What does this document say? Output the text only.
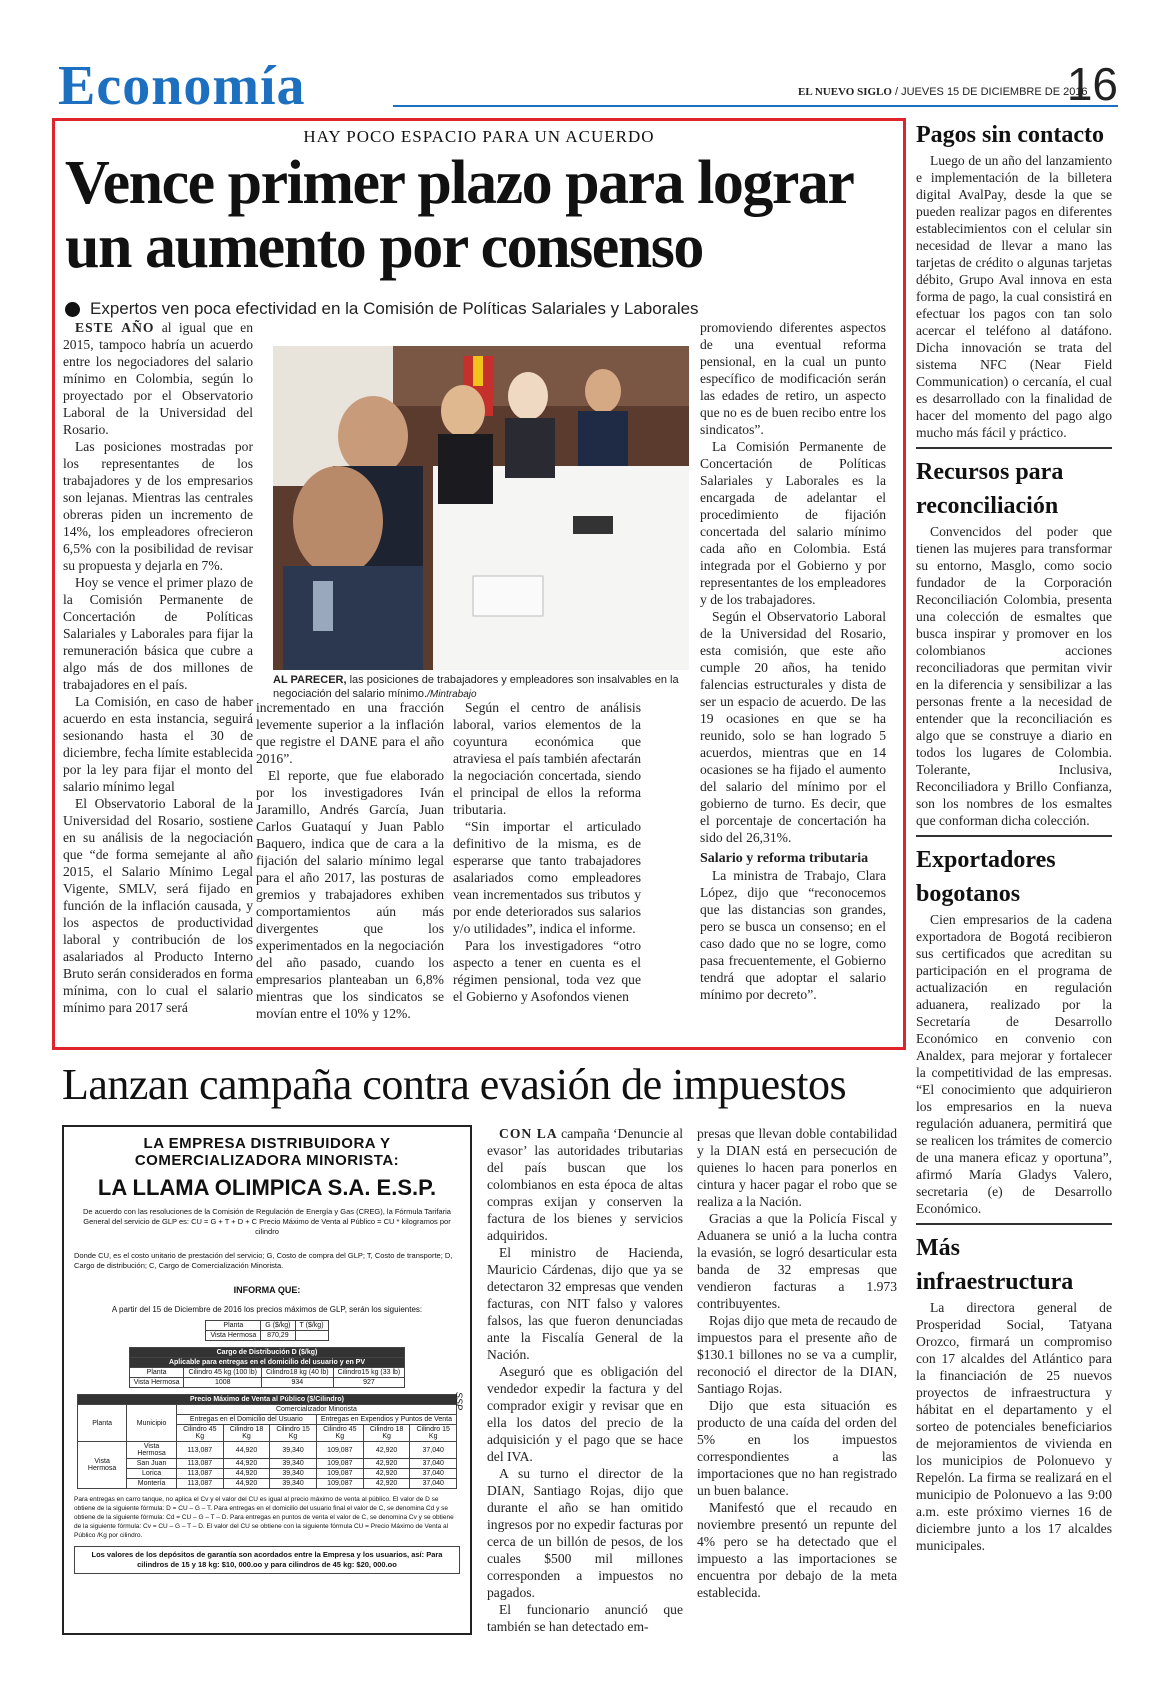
Economía	EL NUEVO SIGLO / JUEVES 15 DE DICIEMBRE DE 2016
16
HAY POCO ESPACIO PARA UN ACUERDO
Vence primer plazo para lograr un aumento por consenso
Expertos ven poca efectividad en la Comisión de Políticas Salariales y Laborales

ESTE AÑO al igual que en 2015, tampoco habría un acuerdo entre los negociadores del salario mínimo en Colombia, según lo proyectado por el Observatorio Laboral de la Universidad del Rosario.

Las posiciones mostradas por los representantes de los trabajadores y de los empresarios son lejanas. Mientras las centrales obreras piden un incremento de 14%, los empleadores ofrecieron 6,5% con la posibilidad de revisar su propuesta y dejarla en 7%.

Hoy se vence el primer plazo de la Comisión Permanente de Concertación de Políticas Salariales y Laborales para fijar la remuneración básica que cubre a algo más de dos millones de trabajadores en el país.

La Comisión, en caso de haber acuerdo en esta instancia, seguirá sesionando hasta el 30 de diciembre, fecha límite establecida por la ley para fijar el monto del salario mínimo legal

El Observatorio Laboral de la Universidad del Rosario, sostiene en su análisis de la negociación que “de forma semejante al año 2015, el Salario Mínimo Legal Vigente, SMLV, será fijado en función de la inflación causada, y los aspectos de productividad laboral y contribución de los asalariados al Producto Interno Bruto serán considerados en forma mínima, con lo cual el salario mínimo para 2017 será

AL PARECER, las posiciones de trabajadores y empleadores son insalvables en la negociación del salario mínimo./Mintrabajo

incrementado en una fracción levemente superior a la inflación que registre el DANE para el año 2016”.

El reporte, que fue elaborado por los investigadores Iván Jaramillo, Andrés García, Juan Carlos Guataquí y Juan Pablo Baquero, indica que de cara a la fijación del salario mínimo legal para el año 2017, las posturas de gremios y trabajadores exhiben comportamientos aún más divergentes que los experimentados en la negociación del año pasado, cuando los empresarios planteaban un 6,8% mientras que los sindicatos se movían entre el 10% y 12%.

Según el centro de análisis laboral, varios elementos de la coyuntura económica que atraviesa el país también afectarán la negociación concertada, siendo el principal de ellos la reforma tributaria.

“Sin importar el articulado definitivo de la misma, es de esperarse que tanto trabajadores asalariados como empleadores vean incrementados sus tributos y por ende deteriorados sus salarios y/o utilidades”, indica el informe.

Para los investigadores “otro aspecto a tener en cuenta es el régimen pensional, toda vez que el Gobierno y Asofondos vienen

promoviendo diferentes aspectos de una eventual reforma pensional, en la cual un punto específico de modificación serán las edades de retiro, un aspecto que no es de buen recibo entre los sindicatos”.

La Comisión Permanente de Concertación de Políticas Salariales y Laborales es la encargada de adelantar el procedimiento de fijación concertada del salario mínimo cada año en Colombia. Está integrada por el Gobierno y por representantes de los empleadores y de los trabajadores.

Según el Observatorio Laboral de la Universidad del Rosario, esta comisión, que este año cumple 20 años, ha tenido falencias estructurales y dista de ser un espacio de acuerdo. De las 19 ocasiones en que se ha reunido, solo se han logrado 5 acuerdos, mientras que en 14 ocasiones se ha fijado el aumento del salario del mínimo por el gobierno de turno. Es decir, que el porcentaje de concertación ha sido del 26,31%.

Salario y reforma tributaria

La ministra de Trabajo, Clara López, dijo que “reconocemos que las distancias son grandes, pero se busca un consenso; en el caso dado que no se logre, como pasa frecuentemente, el Gobierno tendrá que adoptar el salario mínimo por decreto”.

Pagos sin contacto
Luego de un año del lanzamiento e implementación de la billetera digital AvalPay, desde la que se pueden realizar pagos en diferentes establecimientos con el celular sin necesidad de llevar a mano las tarjetas de crédito o algunas tarjetas débito, Grupo Aval innova en esta forma de pago, la cual consistirá en efectuar los pagos con tan solo acercar el teléfono al datáfono. Dicha innovación se trata del sistema NFC (Near Field Communication) o cercanía, el cual es desarrollado con la finalidad de hacer del momento del pago algo mucho más fácil y práctico.
Recursos para reconciliación
Convencidos del poder que tienen las mujeres para transformar su entorno, Masglo, como socio fundador de la Corporación Reconciliación Colombia, presenta una colección de esmaltes que busca inspirar y promover en los colombianos acciones reconciliadoras que permitan vivir en la diferencia y sensibilizar a las personas frente a la necesidad de entender que la reconciliación es algo que se construye a diario en todos los lugares de Colombia. Tolerante, Inclusiva, Reconciliadora y Brillo Confianza, son los nombres de los esmaltes que conforman dicha colección.
Exportadores bogotanos
Cien empresarios de la cadena exportadora de Bogotá recibieron sus certificados que acreditan su participación en el programa de actualización en regulación aduanera, realizado por la Secretaría de Desarrollo Económico en convenio con Analdex, para mejorar y fortalecer la competitividad de las empresas. “El conocimiento que adquirieron los empresarios en la nueva regulación aduanera, permitirá que se realicen los trámites de comercio de una manera eficaz y oportuna”, afirmó María Gladys Valero, secretaria (e) de Desarrollo Económico.
Más infraestructura
La directora general de Prosperidad Social, Tatyana Orozco, firmará un compromiso con 17 alcaldes del Atlántico para la financiación de 25 nuevos proyectos de infraestructura y hábitat en el departamento y el sorteo de potenciales beneficiarios de mejoramientos de vivienda en los municipios de Polonuevo y Repelón. La firma se realizará en el municipio de Polonuevo a las 9:00 a.m. este próximo viernes 16 de diciembre junto a los 17 alcaldes municipales.
Lanzan campaña contra evasión de impuestos
LA EMPRESA DISTRIBUIDORA Y COMERCIALIZADORA MINORISTA:
LA LLAMA OLIMPICA S.A. E.S.P.
De acuerdo con las resoluciones de la Comisión de Regulación de Energía y Gas (CREG), la Fórmula Tarifaria General del servicio de GLP es: CU = G + T + D + C Precio Máximo de Venta al Público = CU * kilogramos por cilindro
Donde CU, es el costo unitario de prestación del servicio; G, Costo de compra del GLP; T, Costo de transporte; D, Cargo de distribución; C, Cargo de Comercialización Minorista.
INFORMA QUE:
A partir del 15 de Diciembre de 2016 los precios máximos de GLP, serán los siguientes:
SSP
Planta	G ($/kg)	T ($/kg)
Vista Hermosa	870,29	
Cargo de Distribución D ($/kg)			
Aplicable para entregas en el domicilio del usuario y en PV			
Planta	Cilindro 45 kg (100 lb)	Cilindro18 kg (40 lb)	Cilindro15 kg (33 lb)
Vista Hermosa	1008	934	927
Precio Máximo de Venta al Público ($/Cilindro)							
Planta	Municipio	Comercializador Minorista					
		Entregas en el Domicilio del Usuario			Entregas en Expendios y Puntos de Venta		
		Cilindro 45 Kg	Cilindro 18 Kg	Cilindro 15 Kg	Cilindro 45 Kg	Cilindro 18 Kg	Cilindro 15 Kg
Vista Hermosa	Vista Hermosa	113,087	44,920	39,340	109,087	42,920	37,040
	San Juan	113,087	44,920	39,340	109,087	42,920	37,040
	Lorica	113,087	44,920	39,340	109,087	42,920	37,040
	Montería	113,087	44,920	39,340	109,087	42,920	37,040
Para entregas en carro tanque, no aplica el Cv y el valor del CU es igual al precio máximo de venta al público. El valor de D se obtiene de la siguiente fórmula: D = CU – G – T. Para entregas en el domicilio del usuario final el valor de C, se denomina Cd y se obtiene de la siguiente fórmula: Cd = CU – G – T – D. Para entregas en puntos de venta el valor de C, se denomina Cv y se obtiene de la siguiente fórmula: Cv = CU – G – T – D. El valor del CU se obtiene con la siguiente fórmula CU = Precio Máximo de Venta al Público /Kg por cilindro.
Los valores de los depósitos de garantía son acordados entre la Empresa y los usuarios, así: Para cilindros de 15 y 18 kg: $10, 000.oo y para cilindros de 45 kg: $20, 000.oo

CON LA campaña ‘Denuncie al evasor’ las autoridades tributarias del país buscan que los colombianos en esta época de altas compras exijan y conserven la factura de los bienes y servicios adquiridos.

El ministro de Hacienda, Mauricio Cárdenas, dijo que ya se detectaron 32 empresas que venden facturas, con NIT falso y valores falsos, las que fueron denunciadas ante la Fiscalía General de la Nación.

Aseguró que es obligación del vendedor expedir la factura y del comprador exigir y revisar que en ella los datos del precio de la adquisición y el pago que se hace del IVA.

A su turno el director de la DIAN, Santiago Rojas, dijo que durante el año se han omitido ingresos por no expedir facturas por cerca de un billón de pesos, de los cuales $500 mil millones corresponden a impuestos no pagados.

El funcionario anunció que también se han detectado em-

presas que llevan doble contabilidad y la DIAN está en persecución de quienes lo hacen para ponerlos en cintura y hacer pagar el robo que se realiza a la Nación.

Gracias a que la Policía Fiscal y Aduanera se unió a la lucha contra la evasión, se logró desarticular esta banda de 32 empresas que vendieron facturas a 1.973 contribuyentes.

Rojas dijo que meta de recaudo de impuestos para el presente año de $130.1 billones no se va a cumplir, reconoció el director de la DIAN, Santiago Rojas.

Dijo que esta situación es producto de una caída del orden del 5% en los impuestos correspondientes a las importaciones que no han registrado un buen balance.

Manifestó que el recaudo en noviembre presentó un repunte del 4% pero se ha detectado que el impuesto a las importaciones se encuentra por debajo de la meta establecida.
